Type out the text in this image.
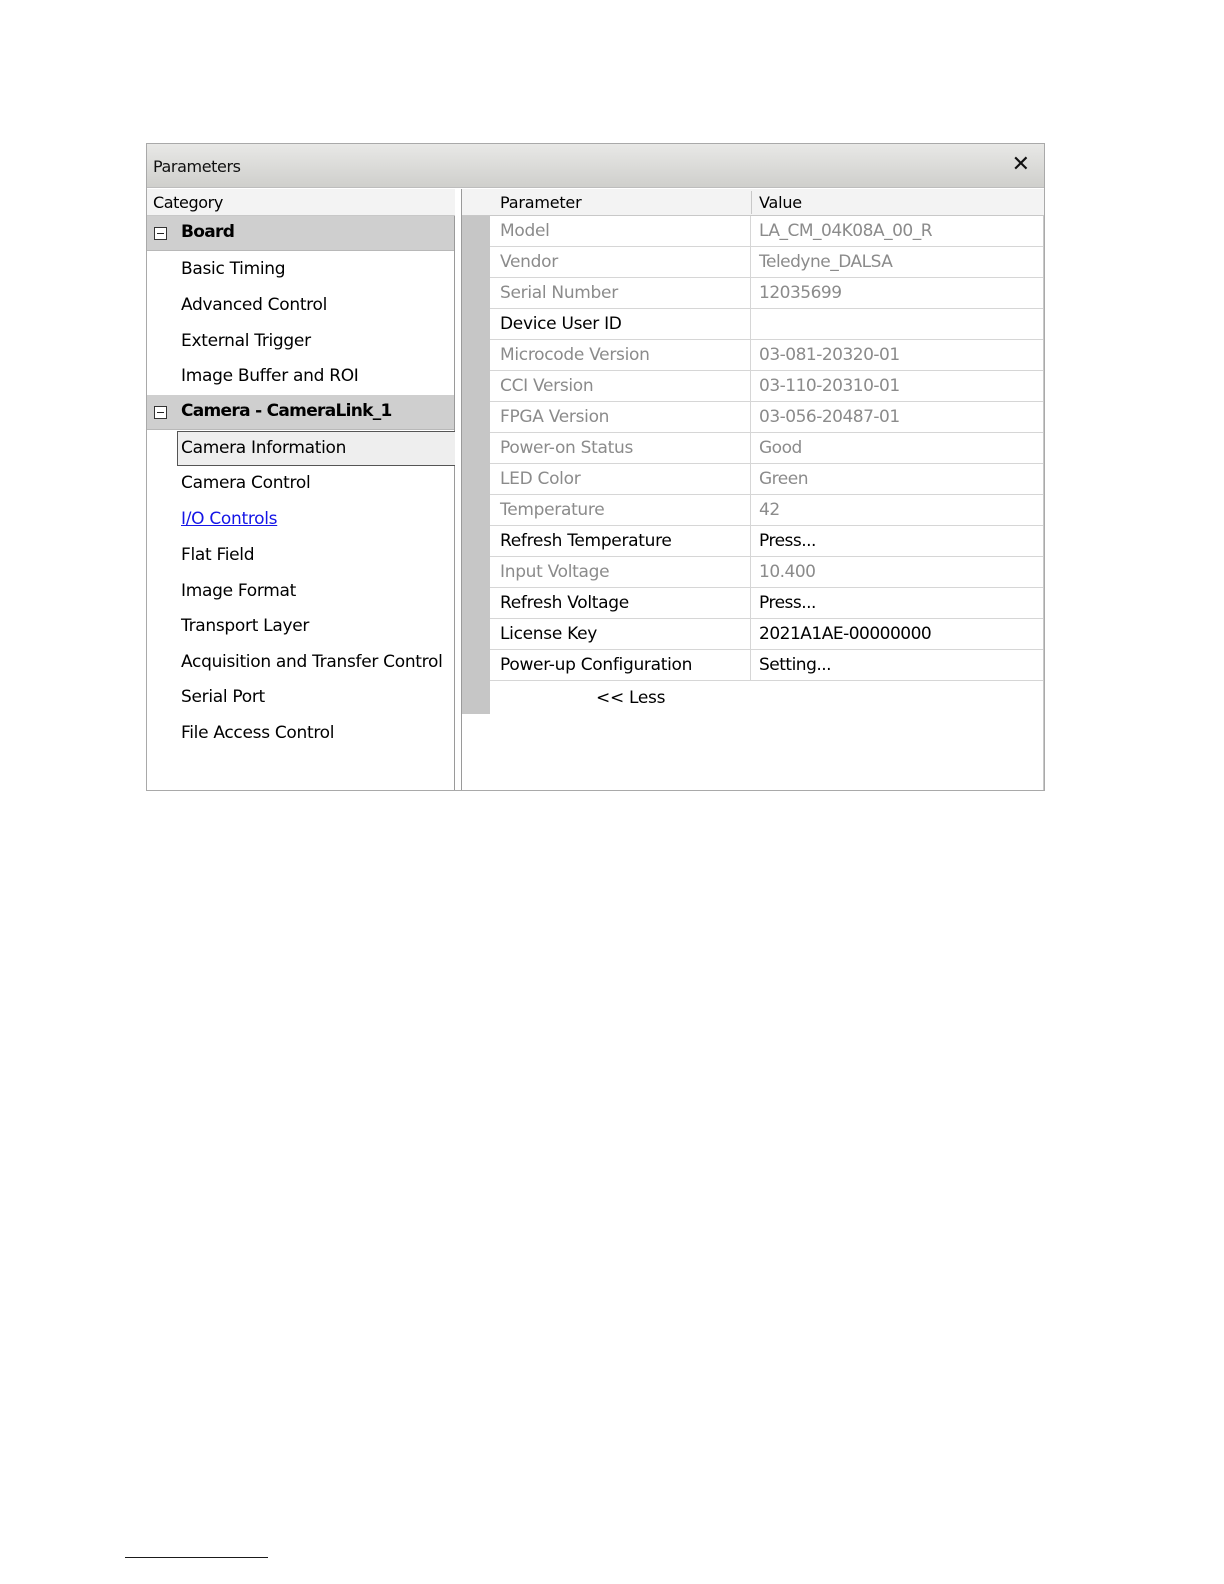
Parameters	✕
Category
Board
Basic Timing
Advanced Control
External Trigger
Image Buffer and ROI
Camera - CameraLink_1
Camera Information
Camera Control
I/O Controls
Flat Field
Image Format
Transport Layer
Acquisition and Transfer Control
Serial Port
File Access Control
Parameter	Value
Model	LA_CM_04K08A_00_R
Vendor	Teledyne_DALSA
Serial Number	12035699
Device User ID
Microcode Version	03-081-20320-01
CCI Version	03-110-20310-01
FPGA Version	03-056-20487-01
Power-on Status	Good
LED Color	Green
Temperature	42
Refresh Temperature	Press...
Input Voltage	10.400
Refresh Voltage	Press...
License Key	2021A1AE-00000000
Power-up Configuration	Setting...
<< Less
